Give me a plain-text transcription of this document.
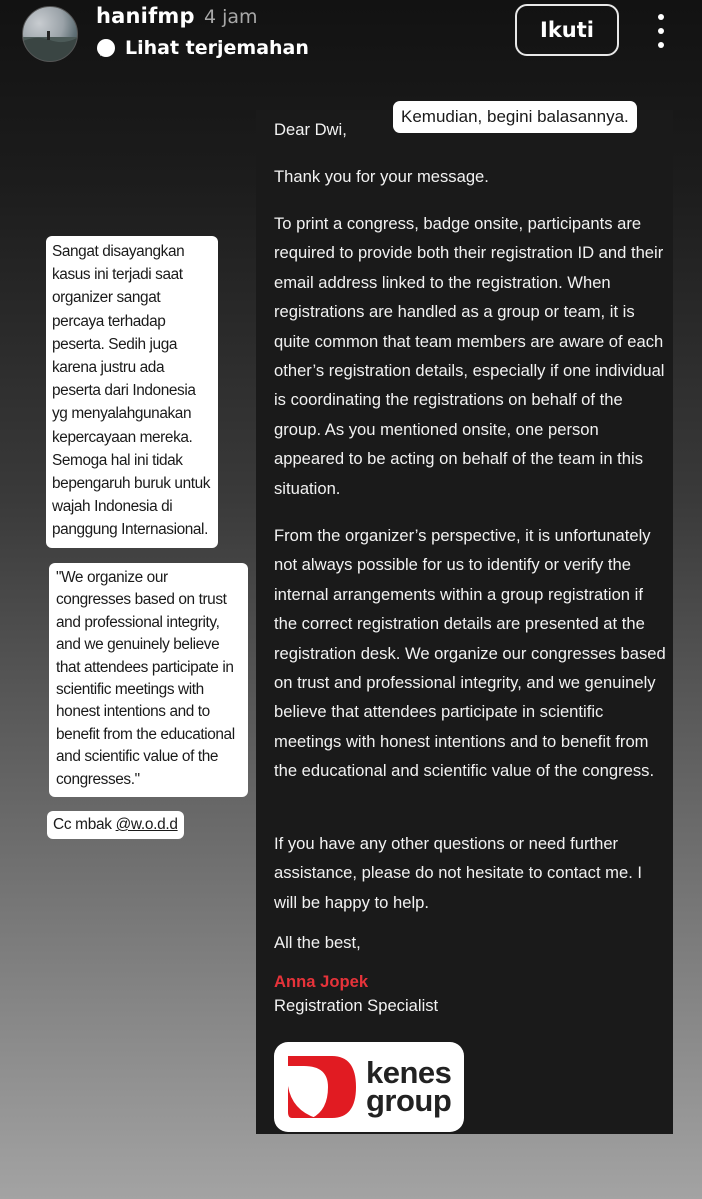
hanifmp 4 jam
Lihat terjemahan
Ikuti

Dear Dwi,

Thank you for your message.

To print a congress, badge onsite, participants are required to provide both their registration ID and their email address linked to the registration. When registrations are handled as a group or team, it is quite common that team members are aware of each other’s registration details, especially if one individual is coordinating the registrations on behalf of the group. As you mentioned onsite, one person appeared to be acting on behalf of the team in this situation.

From the organizer’s perspective, it is unfortunately not always possible for us to identify or verify the internal arrangements within a group registration if the correct registration details are presented at the registration desk. We organize our congresses based on trust and professional integrity, and we genuinely believe that attendees participate in scientific meetings with honest intentions and to benefit from the educational and scientific value of the congress.

If you have any other questions or need further assistance, please do not hesitate to contact me. I will be happy to help.

All the best,

Anna Jopek

Registration Specialist

kenes
group
Kemudian, begini balasannya.
Sangat disayangkan kasus ini terjadi saat organizer sangat percaya terhadap peserta. Sedih juga karena justru ada peserta dari Indonesia yg menyalahgunakan kepercayaan mereka. Semoga hal ini tidak bepengaruh buruk untuk wajah Indonesia di panggung Internasional.
"We organize our congresses based on trust and professional integrity, and we genuinely believe that attendees participate in scientific meetings with honest intentions and to benefit from the educational and scientific value of the congresses."
Cc mbak @w.o.d.d
